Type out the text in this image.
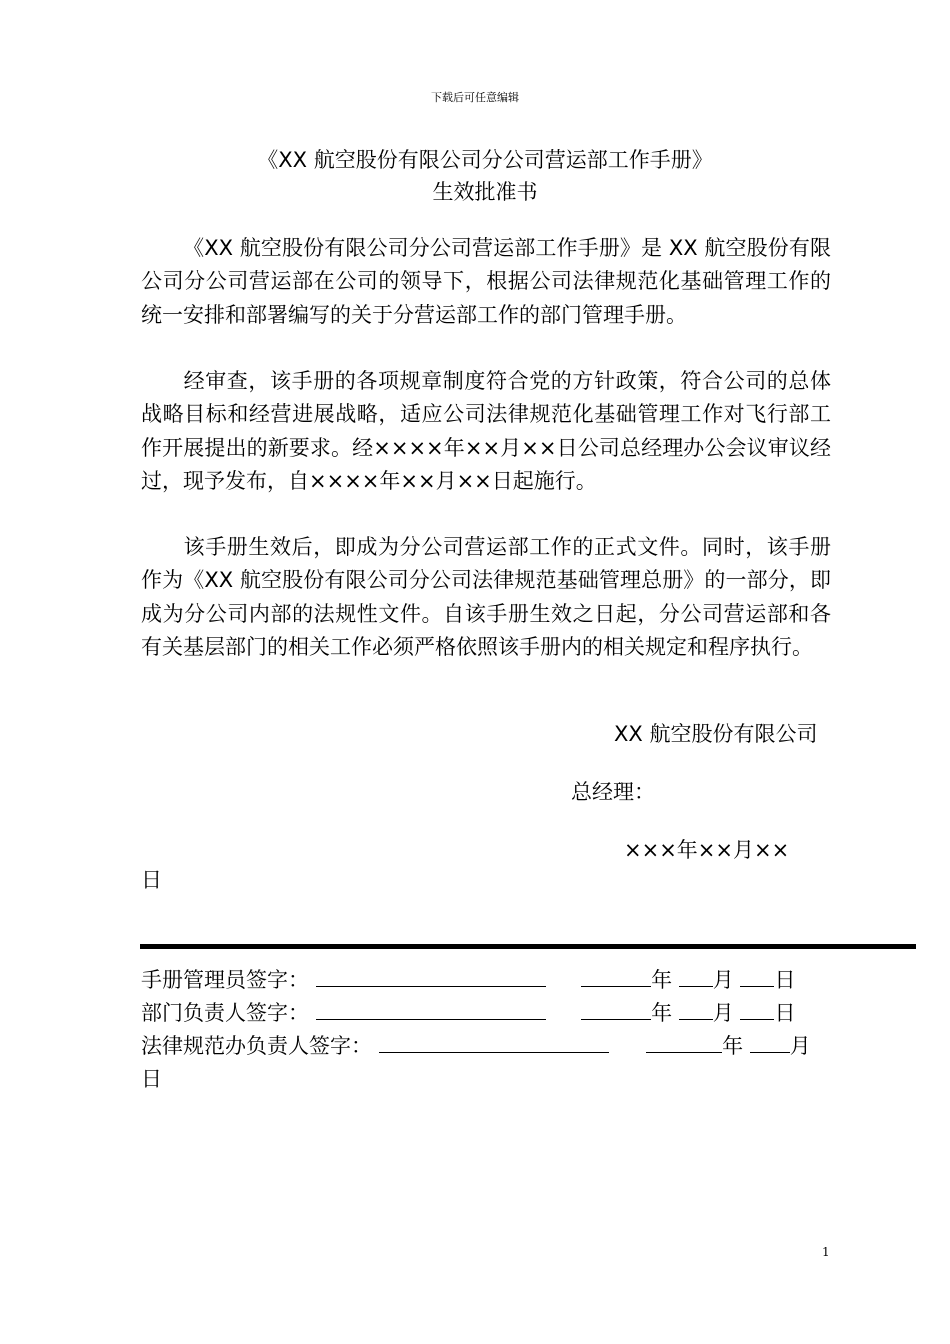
下载后可任意编辑
《XX 航空股份有限公司分公司营运部工作手册》
生效批准书

《XX 航空股份有限公司分公司营运部工作手册》是 XX 航空股份有限公司分公司营运部在公司的领导下，根据公司法律规范化基础管理工作的统一安排和部署编写的关于分营运部工作的部门管理手册。

经审查，该手册的各项规章制度符合党的方针政策，符合公司的总体战略目标和经营进展战略，适应公司法律规范化基础管理工作对飞行部工作开展提出的新要求。经××××年××月××日公司总经理办公会议审议经过，现予发布，自××××年××月××日起施行。

该手册生效后，即成为分公司营运部工作的正式文件。同时，该手册作为《XX 航空股份有限公司分公司法律规范基础管理总册》的一部分，即成为分公司内部的法规性文件。自该手册生效之日起，分公司营运部和各有关基层部门的相关工作必须严格依照该手册内的相关规定和程序执行。

XX 航空股份有限公司
总经理：
×××年××月××
日
手册管理员签字：	年 月 日
部门负责人签字：	年 月 日
法律规范办负责人签字：	年 月
日
1
